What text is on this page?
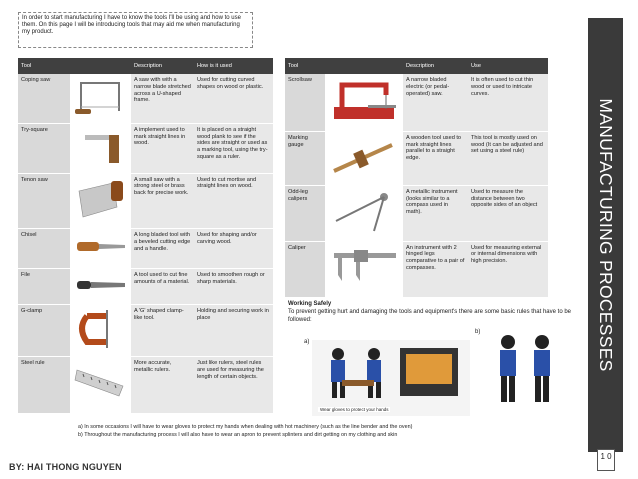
In order to start manufacturing I have to know the tools I'll be using and how to use them. On this page I will be introducing tools that may aid me when manufacturing my product.
Tool		Description	How is it used
Coping saw		A saw with with a narrow blade stretched across a U-shaped frame.	Used for cutting curved shapes on wood or plastic.
Try-square		A implement used to mark straight lines in wood.	It is placed on a straight wood plank to see if the sides are straight or used as a marking tool, using the try-square as a ruler.
Tenon saw		A small saw with a strong steel or brass back for precise work.	Used to cut mortise and straight lines on wood.
Chisel		A long bladed tool with a beveled cutting edge and a handle.	Used for shaping and/or carving wood.
File		A tool used to cut fine amounts of a material.	Used to smoothen rough or sharp materials.
G-clamp		A 'G' shaped clamp-like tool.	Holding and securing work in place
Steel rule		More accurate, metallic rulers.	Just like rulers, steel rules are used for measuring the length of certain objects.
Tool		Description	Use
Scrollsaw		A narrow bladed electric (or pedal-operated) saw.	It is often used to cut thin wood or used to intricate curves.
Marking gauge		A wooden tool used to mark straight lines parallel to a straight edge.	This tool is mostly used on wood (It can be adjusted and set using a steel rule)
Odd-leg calipers		A metallic instrument (looks similar to a compass used in math).	Used to measure the distance between two opposite sides of an object
Caliper		An instrument with 2 hinged legs comparative to a pair of compasses.	Used for measuring external or internal dimensions with high precision.
Working Safely
To prevent getting hurt and damaging the tools and equipment's there are some basic rules that have to be followed:
a)
b)
Wear gloves to protect your hands
a) In some occasions I will have to wear gloves to protect my hands when dealing with hot machinery (such as the line bender and the oven)
b) Throughout the manufacturing process I will also have to wear an apron to prevent splinters and dirt getting on my clothing and skin
MANUFACTURING PROCESSES
1 0
BY: HAI THONG NGUYEN
